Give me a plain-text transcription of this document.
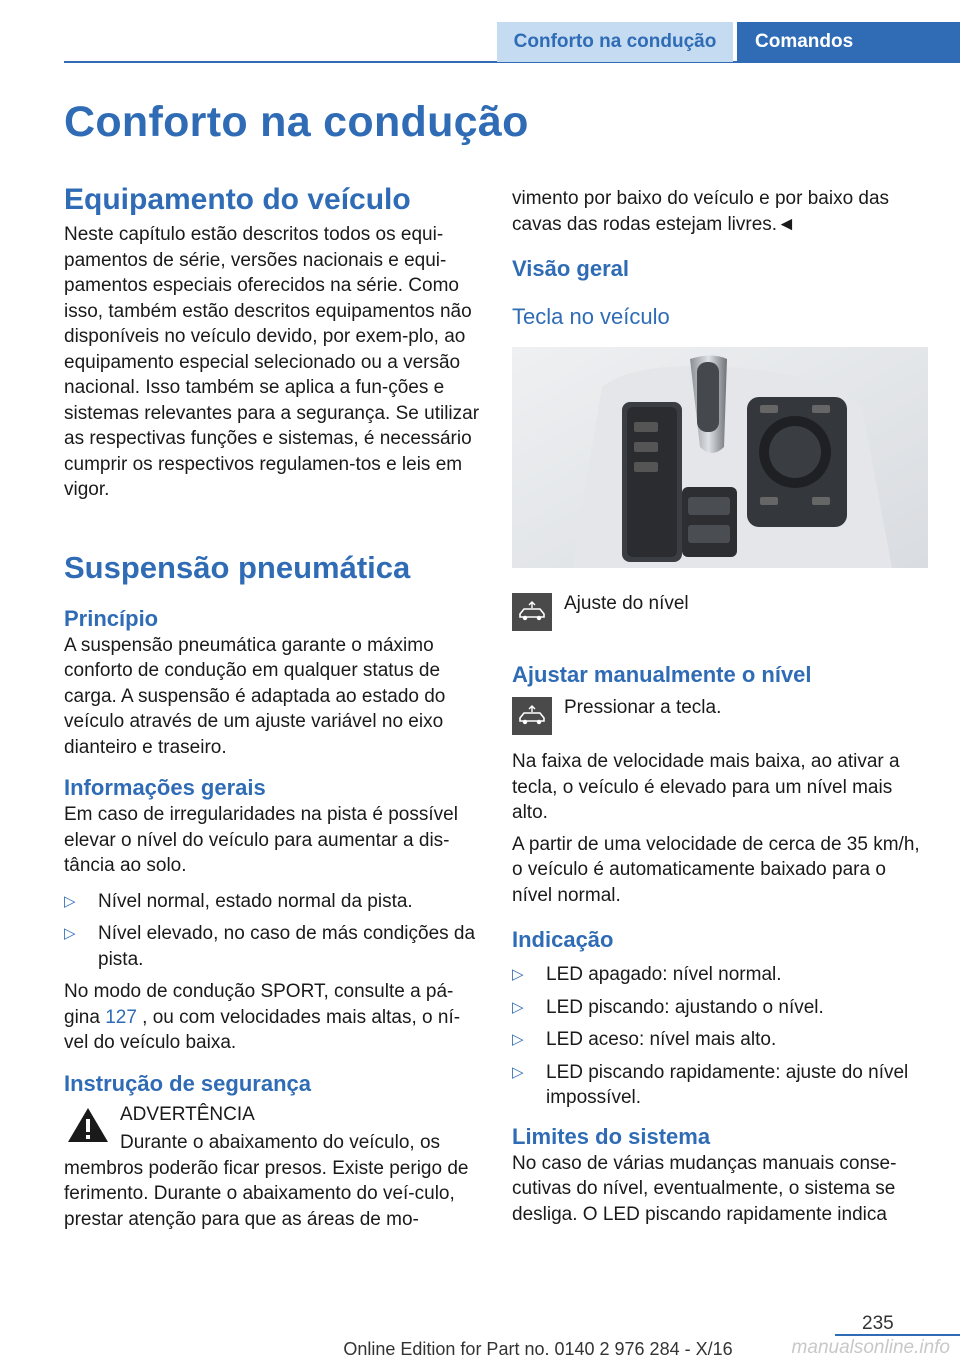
Conforto na condução	Comandos
Conforto na condução
Equipamento do veículo
Neste capítulo estão descritos todos os equi-pamentos de série, versões nacionais e equi-pamentos especiais oferecidos na série. Como isso, também estão descritos equipamentos não disponíveis no veículo devido, por exem-plo, ao equipamento especial selecionado ou a versão nacional. Isso também se aplica a fun-ções e sistemas relevantes para a segurança. Se utilizar as respectivas funções e sistemas, é necessário cumprir os respectivos regulamen-tos e leis em vigor.
Suspensão pneumática
Princípio
A suspensão pneumática garante o máximo conforto de condução em qualquer status de carga. A suspensão é adaptada ao estado do veículo através de um ajuste variável no eixo dianteiro e traseiro.
Informações gerais
Em caso de irregularidades na pista é possível elevar o nível do veículo para aumentar a dis-tância ao solo.
▷ Nível normal, estado normal da pista.
▷ Nível elevado, no caso de más condições da pista.
No modo de condução SPORT, consulte a pá-gina 127 , ou com velocidades mais altas, o ní-vel do veículo baixa.
Instrução de segurança
ADVERTÊNCIA
Durante o abaixamento do veículo, os
membros poderão ficar presos. Existe perigo de ferimento. Durante o abaixamento do veí-culo, prestar atenção para que as áreas de mo-
vimento por baixo do veículo e por baixo das cavas das rodas estejam livres.◄
Visão geral
Tecla no veículo
Ajuste do nível
Ajustar manualmente o nível
Pressionar a tecla.
Na faixa de velocidade mais baixa, ao ativar a tecla, o veículo é elevado para um nível mais alto.
A partir de uma velocidade de cerca de 35 km/h, o veículo é automaticamente baixado para o nível normal.
Indicação
▷ LED apagado: nível normal.
▷ LED piscando: ajustando o nível.
▷ LED aceso: nível mais alto.
▷ LED piscando rapidamente: ajuste do nível impossível.
Limites do sistema
No caso de várias mudanças manuais conse-cutivas do nível, eventualmente, o sistema se desliga. O LED piscando rapidamente indica
235
Online Edition for Part no. 0140 2 976 284 - X/16	manualsonline.info
